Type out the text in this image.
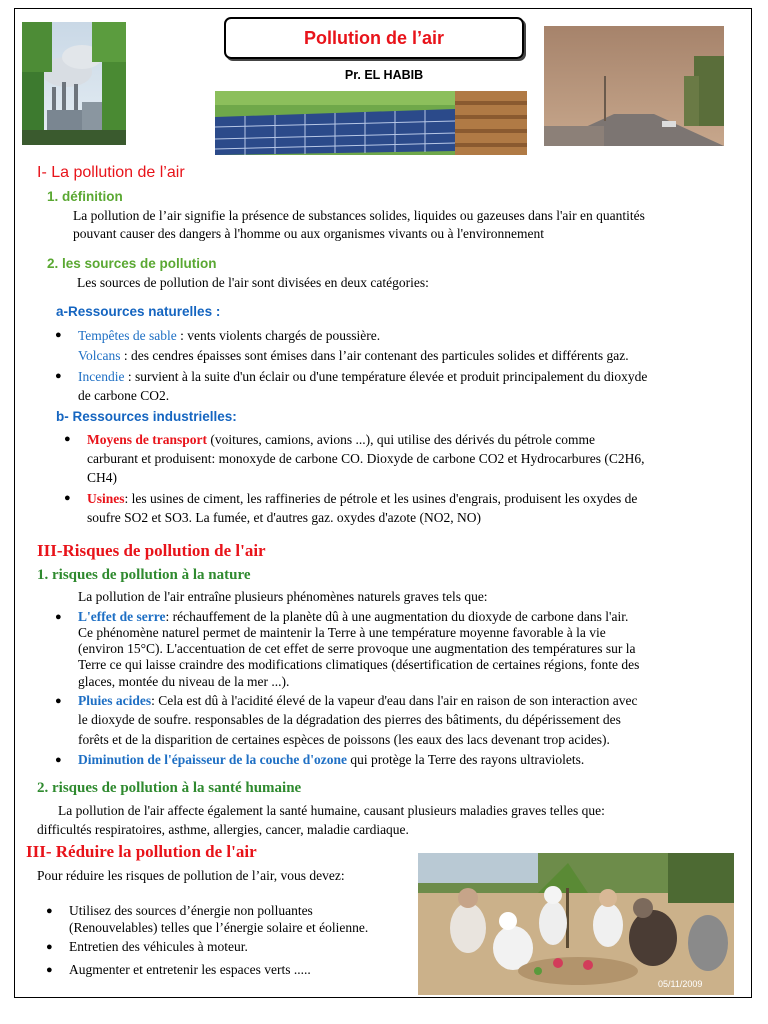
Pollution de l’air
Pr. EL HABIB
I- La pollution de l’air
1. définition
La pollution de l’air signifie la présence de substances solides, liquides ou gazeuses dans l'air en quantités
pouvant causer des dangers à l'homme ou aux organismes vivants ou à l'environnement
2. les sources de pollution
Les sources de pollution de l'air sont divisées en deux catégories:
a-Ressources naturelles :
● Tempêtes de sable : vents violents chargés de poussière.
Volcans : des cendres épaisses sont émises dans l’air contenant des particules solides et différents gaz.
● Incendie : survient à la suite d'un éclair ou d'une température élevée et produit principalement du dioxyde
de carbone CO2.
b- Ressources industrielles:
● Moyens de transport (voitures, camions, avions ...), qui utilise des dérivés du pétrole comme
carburant et produisent: monoxyde de carbone CO. Dioxyde de carbone CO2 et Hydrocarbures (C2H6,
CH4)
● Usines: les usines de ciment, les raffineries de pétrole et les usines d'engrais, produisent les oxydes de
soufre SO2 et SO3. La fumée, et d'autres gaz. oxydes d'azote (NO2, NO)
III-Risques de pollution de l'air
1. risques de pollution à la nature
La pollution de l'air entraîne plusieurs phénomènes naturels graves tels que:
● L'effet de serre: réchauffement de la planète dû à une augmentation du dioxyde de carbone dans l'air.
Ce phénomène naturel permet de maintenir la Terre à une température moyenne favorable à la vie
(environ 15°C). L'accentuation de cet effet de serre provoque une augmentation des températures sur la
Terre ce qui laisse craindre des modifications climatiques (désertification de certaines régions, fonte des
glaces, montée du niveau de la mer ...).
● Pluies acides: Cela est dû à l'acidité élevé de la vapeur d'eau dans l'air en raison de son interaction avec
le dioxyde de soufre. responsables de la dégradation des pierres des bâtiments, du dépérissement des
forêts et de la disparition de certaines espèces de poissons (les eaux des lacs devenant trop acides).
● Diminution de l'épaisseur de la couche d'ozone qui protège la Terre des rayons ultraviolets.
2. risques de pollution à la santé humaine
La pollution de l'air affecte également la santé humaine, causant plusieurs maladies graves telles que:
difficultés respiratoires, asthme, allergies, cancer, maladie cardiaque.
III- Réduire la pollution de l'air
Pour réduire les risques de pollution de l’air, vous devez:
● Utilisez des sources d’énergie non polluantes
(Renouvelables) telles que l’énergie solaire et éolienne.
● Entretien des véhicules à moteur.
● Augmenter et entretenir les espaces verts .....
05/11/2009
